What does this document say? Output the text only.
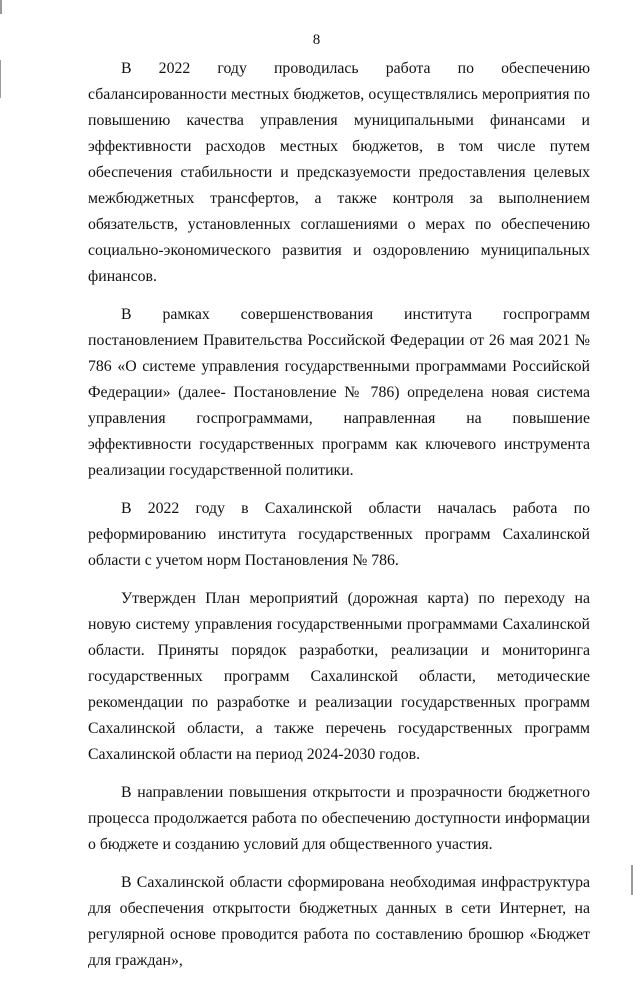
8

В 2022 году проводилась работа по обеспечению сбалансированности местных бюджетов, осуществлялись мероприятия по повышению качества управления муниципальными финансами и эффективности расходов местных бюджетов, в том числе путем обеспечения стабильности и предсказуемости предоставления целевых межбюджетных трансфертов, а также контроля за выполнением обязательств, установленных соглашениями о мерах по обеспечению социально-экономического развития и оздоровлению муниципальных финансов.

В рамках совершенствования института госпрограмм постановлением Правительства Российской Федерации от 26 мая 2021 № 786 «О системе управления государственными программами Российской Федерации» (далее- Постановление № 786) определена новая система управления госпрограммами, направленная на повышение эффективности государственных программ как ключевого инструмента реализации государственной политики.

В 2022 году в Сахалинской области началась работа по реформированию института государственных программ Сахалинской области с учетом норм Постановления № 786.

Утвержден План мероприятий (дорожная карта) по переходу на новую систему управления государственными программами Сахалинской области. Приняты порядок разработки, реализации и мониторинга государственных программ Сахалинской области, методические рекомендации по разработке и реализации государственных программ Сахалинской области, а также перечень государственных программ Сахалинской области на период 2024-2030 годов.

В направлении повышения открытости и прозрачности бюджетного процесса продолжается работа по обеспечению доступности информации о бюджете и созданию условий для общественного участия.

В Сахалинской области сформирована необходимая инфраструктура для обеспечения открытости бюджетных данных в сети Интернет, на регулярной основе проводится работа по составлению брошюр «Бюджет для граждан»,
